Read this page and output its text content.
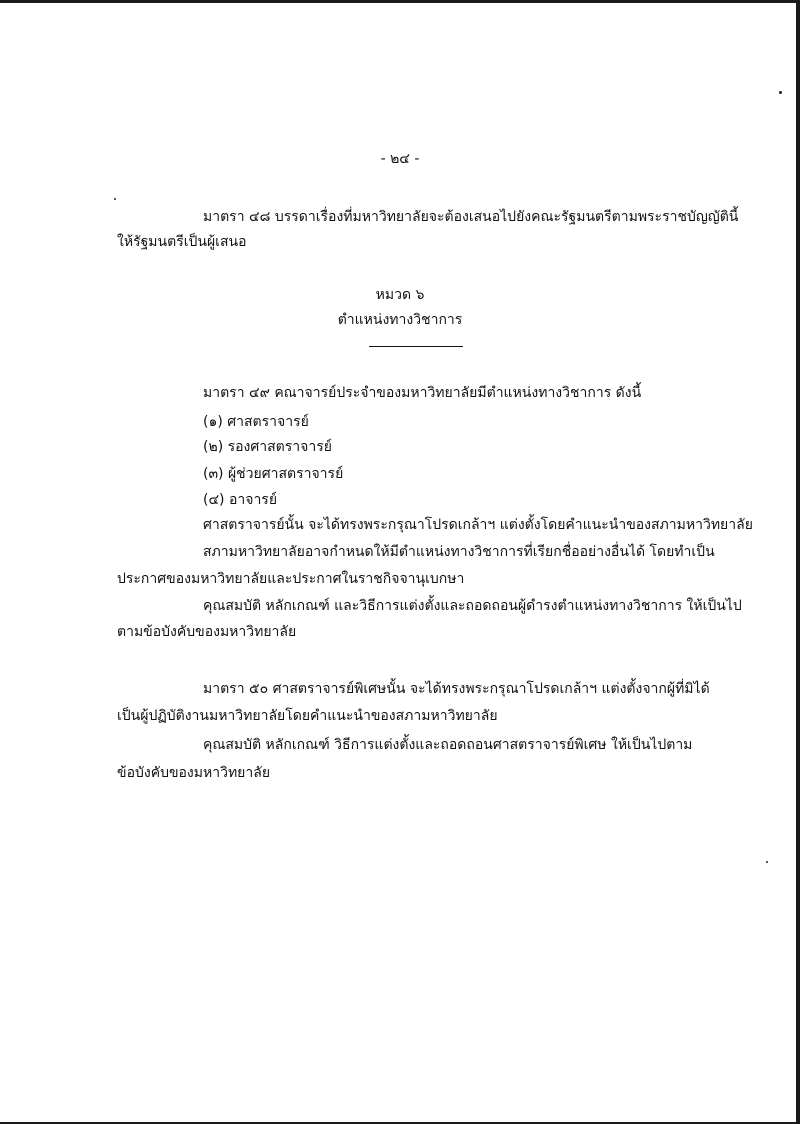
- ๒๔ -
มาตรา ๔๘ บรรดาเรื่องที่มหาวิทยาลัยจะต้องเสนอไปยังคณะรัฐมนตรีตามพระราชบัญญัตินี้
ให้รัฐมนตรีเป็นผู้เสนอ
หมวด ๖
ตำแหน่งทางวิชาการ
มาตรา ๔๙ คณาจารย์ประจำของมหาวิทยาลัยมีตำแหน่งทางวิชาการ ดังนี้
(๑) ศาสตราจารย์
(๒) รองศาสตราจารย์
(๓) ผู้ช่วยศาสตราจารย์
(๔) อาจารย์
ศาสตราจารย์นั้น จะได้ทรงพระกรุณาโปรดเกล้าฯ แต่งตั้งโดยคำแนะนำของสภามหาวิทยาลัย
สภามหาวิทยาลัยอาจกำหนดให้มีตำแหน่งทางวิชาการที่เรียกชื่ออย่างอื่นได้ โดยทำเป็น
ประกาศของมหาวิทยาลัยและประกาศในราชกิจจานุเบกษา
คุณสมบัติ หลักเกณฑ์ และวิธีการแต่งตั้งและถอดถอนผู้ดำรงตำแหน่งทางวิชาการ ให้เป็นไป
ตามข้อบังคับของมหาวิทยาลัย
มาตรา ๕๐ ศาสตราจารย์พิเศษนั้น จะได้ทรงพระกรุณาโปรดเกล้าฯ แต่งตั้งจากผู้ที่มิได้
เป็นผู้ปฏิบัติงานมหาวิทยาลัยโดยคำแนะนำของสภามหาวิทยาลัย
คุณสมบัติ หลักเกณฑ์ วิธีการแต่งตั้งและถอดถอนศาสตราจารย์พิเศษ ให้เป็นไปตาม
ข้อบังคับของมหาวิทยาลัย
